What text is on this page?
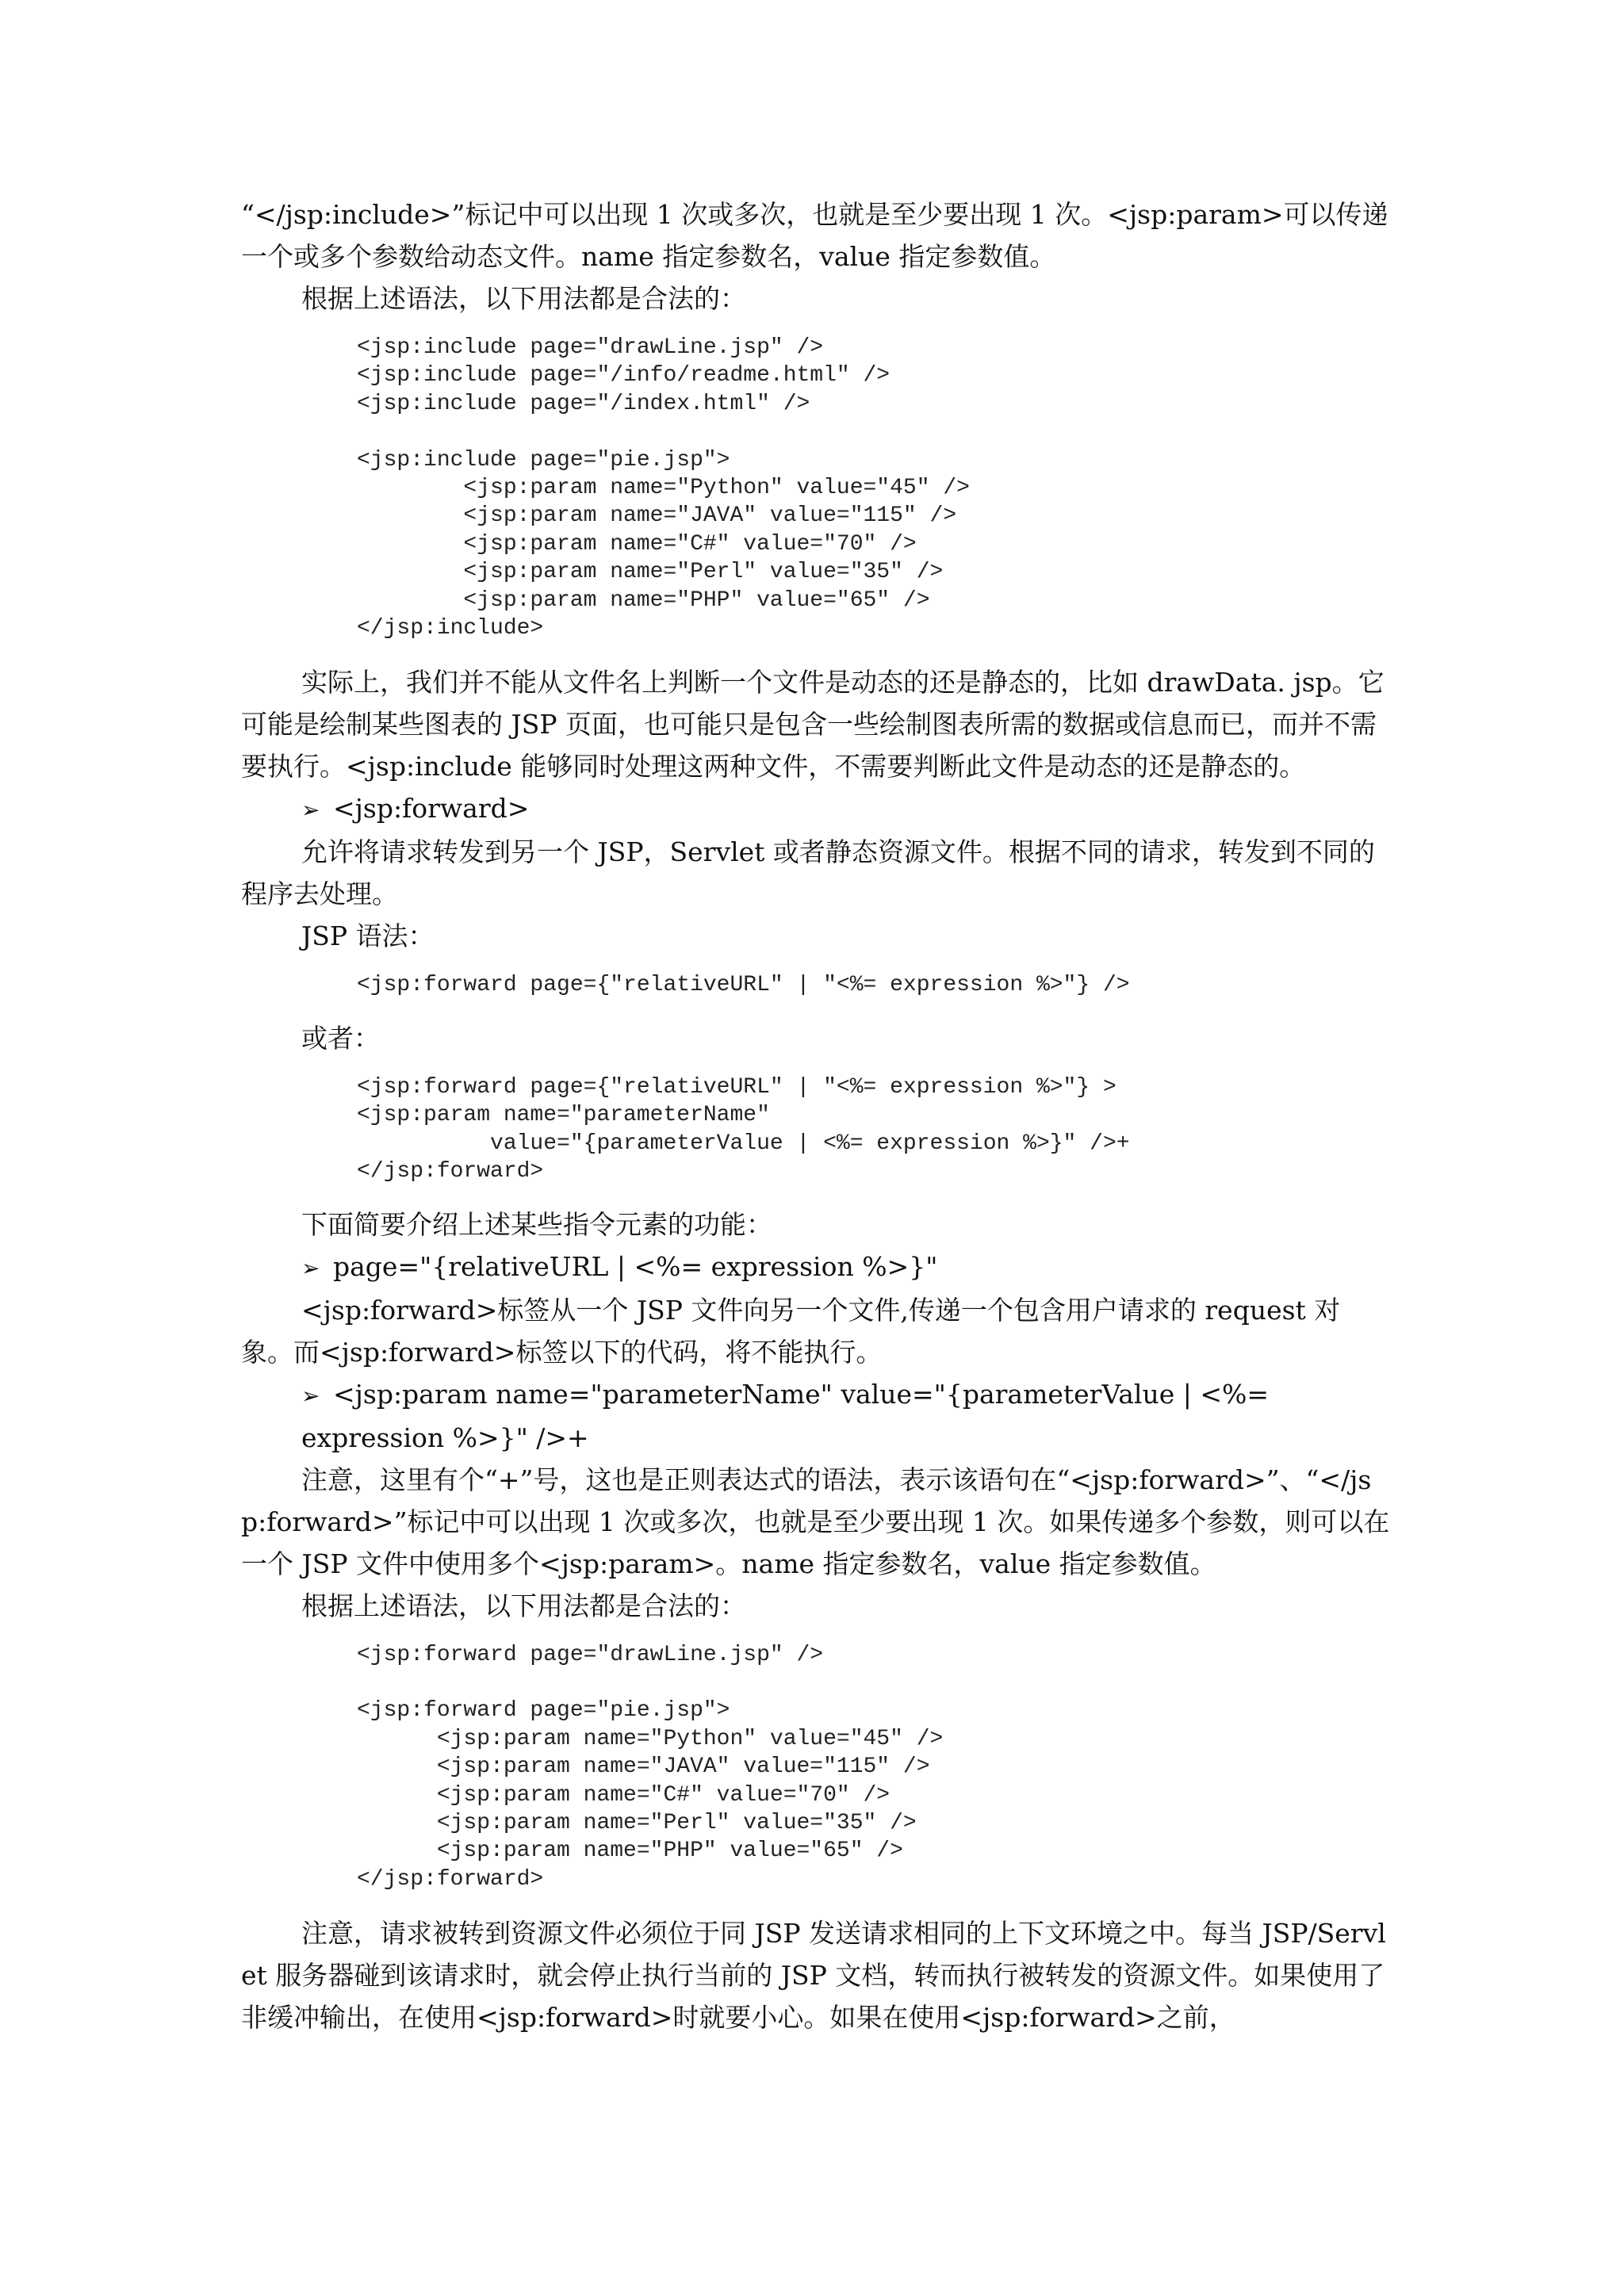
“</jsp:include>”标记中可以出现 1 次或多次，也就是至少要出现 1 次。<jsp:param>可以传递一个或多个参数给动态文件。name 指定参数名，value 指定参数值。

根据上述语法，以下用法都是合法的：

<jsp:include page="drawLine.jsp" />
<jsp:include page="/info/readme.html" />
<jsp:include page="/index.html" />

<jsp:include page="pie.jsp">
<jsp:param name="Python" value="45" />
<jsp:param name="JAVA" value="115" />
<jsp:param name="C#" value="70" />
<jsp:param name="Perl" value="35" />
<jsp:param name="PHP" value="65" />
</jsp:include>

实际上，我们并不能从文件名上判断一个文件是动态的还是静态的，比如 drawData. jsp。它可能是绘制某些图表的 JSP 页面，也可能只是包含一些绘制图表所需的数据或信息而已，而并不需要执行。<jsp:include 能够同时处理这两种文件，不需要判断此文件是动态的还是静态的。

➢ <jsp:forward>

允许将请求转发到另一个 JSP，Servlet 或者静态资源文件。根据不同的请求，转发到不同的程序去处理。

JSP 语法：

<jsp:forward page={"relativeURL" | "<%= expression %>"} />

或者：

<jsp:forward page={"relativeURL" | "<%= expression %>"} >
<jsp:param name="parameterName"
value="{parameterValue | <%= expression %>}" />+
</jsp:forward>

下面简要介绍上述某些指令元素的功能：

➢ page="{relativeURL | <%= expression %>}"

<jsp:forward>标签从一个 JSP 文件向另一个文件,传递一个包含用户请求的 request 对象。而<jsp:forward>标签以下的代码，将不能执行。

➢ <jsp:param name="parameterName" value="{parameterValue | <%= expression %>}" />+

注意，这里有个“+”号，这也是正则表达式的语法，表示该语句在“<jsp:forward>”、“</jsp:forward>”标记中可以出现 1 次或多次，也就是至少要出现 1 次。如果传递多个参数，则可以在一个 JSP 文件中使用多个<jsp:param>。name 指定参数名，value 指定参数值。

根据上述语法，以下用法都是合法的：

<jsp:forward page="drawLine.jsp" />

<jsp:forward page="pie.jsp">
<jsp:param name="Python" value="45" />
<jsp:param name="JAVA" value="115" />
<jsp:param name="C#" value="70" />
<jsp:param name="Perl" value="35" />
<jsp:param name="PHP" value="65" />
</jsp:forward>

注意，请求被转到资源文件必须位于同 JSP 发送请求相同的上下文环境之中。每当 JSP/Servlet 服务器碰到该请求时，就会停止执行当前的 JSP 文档，转而执行被转发的资源文件。如果使用了非缓冲输出，在使用<jsp:forward>时就要小心。如果在使用<jsp:forward>之前，
